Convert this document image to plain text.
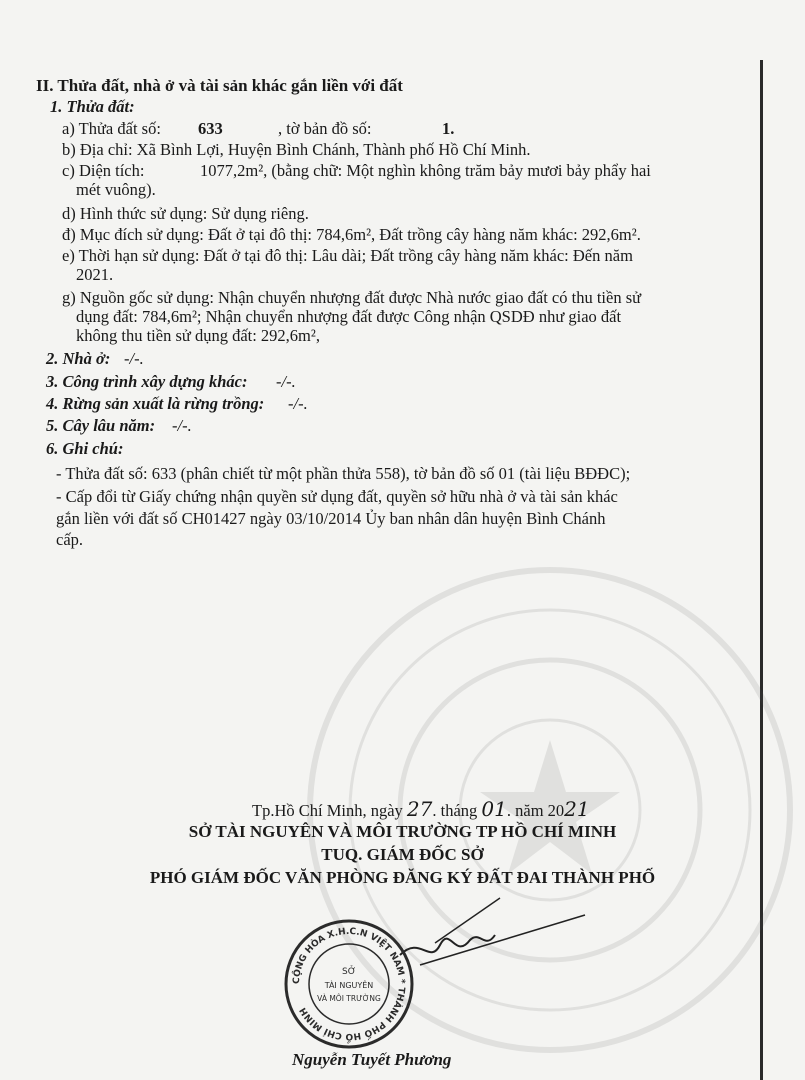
II. Thửa đất, nhà ở và tài sản khác gắn liền với đất
1. Thửa đất:
a) Thửa đất số: 633	, tờ bản đồ số:	1.
b) Địa chỉ: Xã Bình Lợi, Huyện Bình Chánh, Thành phố Hồ Chí Minh.
c) Diện tích:	1077,2m², (bằng chữ: Một nghìn không trăm bảy mươi bảy phẩy hai
mét vuông).
d) Hình thức sử dụng: Sử dụng riêng.
đ) Mục đích sử dụng: Đất ở tại đô thị: 784,6m², Đất trồng cây hàng năm khác: 292,6m².
e) Thời hạn sử dụng: Đất ở tại đô thị: Lâu dài; Đất trồng cây hàng năm khác: Đến năm
2021.
g) Nguồn gốc sử dụng: Nhận chuyển nhượng đất được Nhà nước giao đất có thu tiền sử
dụng đất: 784,6m²; Nhận chuyển nhượng đất được Công nhận QSDĐ như giao đất
không thu tiền sử dụng đất: 292,6m²,
2. Nhà ở: -/-.
3. Công trình xây dựng khác: -/-.
4. Rừng sản xuất là rừng trồng: -/-.
5. Cây lâu năm: -/-.
6. Ghi chú:
- Thửa đất số: 633 (phân chiết từ một phần thửa 558), tờ bản đồ số 01 (tài liệu BĐĐC);
- Cấp đổi từ Giấy chứng nhận quyền sử dụng đất, quyền sở hữu nhà ở và tài sản khác
gắn liền với đất số CH01427 ngày 03/10/2014 Ủy ban nhân dân huyện Bình Chánh
cấp.
Tp.Hồ Chí Minh, ngày 27. tháng 01. năm 2021
SỞ TÀI NGUYÊN VÀ MÔI TRƯỜNG TP HỒ CHÍ MINH
TUQ. GIÁM ĐỐC SỞ
PHÓ GIÁM ĐỐC VĂN PHÒNG ĐĂNG KÝ ĐẤT ĐAI THÀNH PHỐ
CỘNG HÒA X.H.C.N VIỆT NAM * THÀNH PHỐ HỒ CHÍ MINH
SỞ
TÀI NGUYÊN
VÀ MÔI TRƯỜNG
Nguyễn Tuyết Phương
